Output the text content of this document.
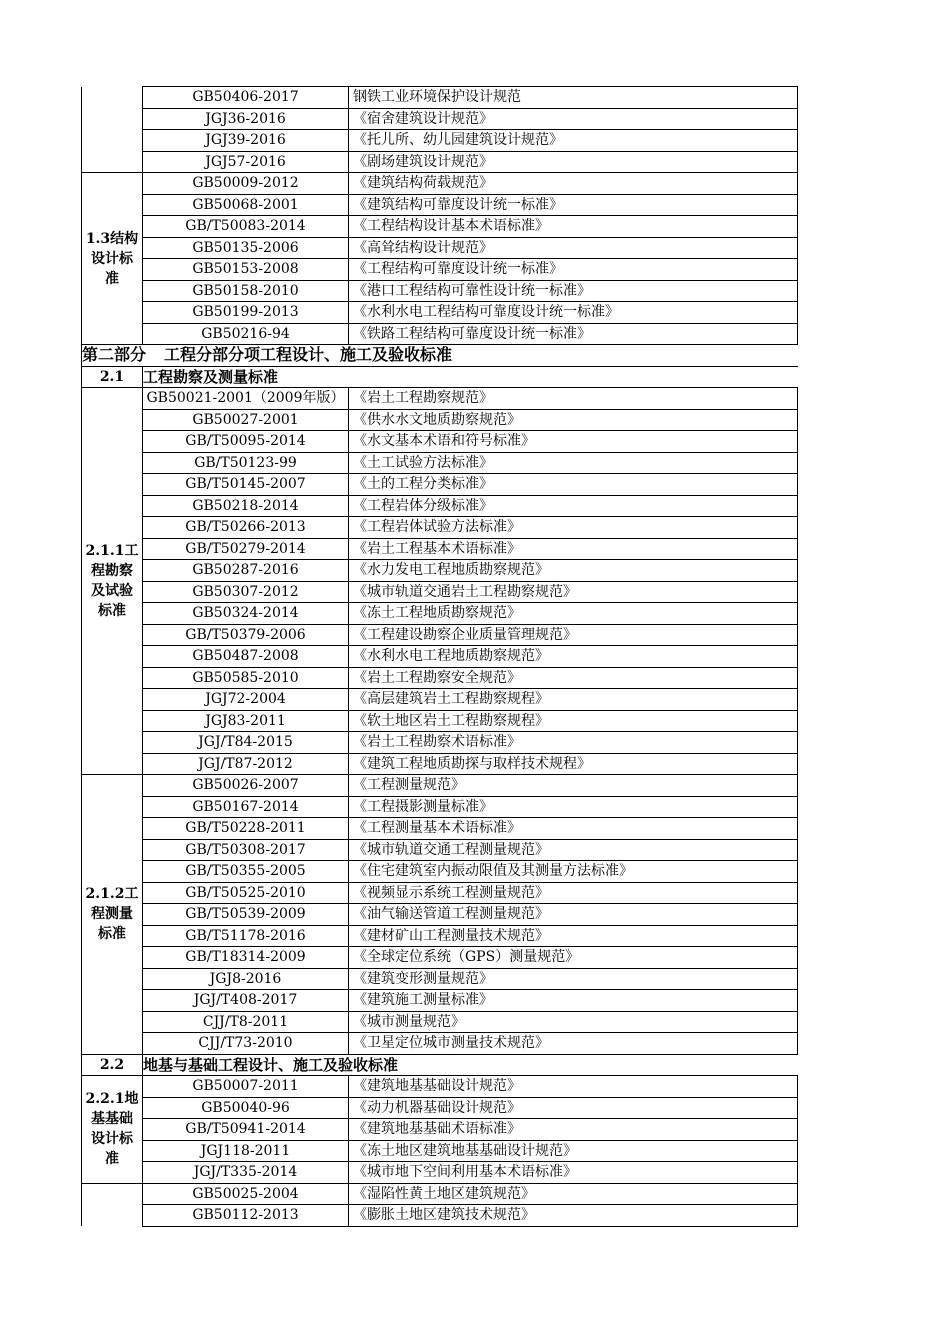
	GB50406-2017	钢铁工业环境保护设计规范
	JGJ36-2016	《宿舍建筑设计规范》
	JGJ39-2016	《托儿所、幼儿园建筑设计规范》
	JGJ57-2016	《剧场建筑设计规范》
1.3结构设计标准	GB50009-2012	《建筑结构荷载规范》
	GB50068-2001	《建筑结构可靠度设计统一标准》
	GB/T50083-2014	《工程结构设计基本术语标准》
	GB50135-2006	《高耸结构设计规范》
	GB50153-2008	《工程结构可靠度设计统一标准》
	GB50158-2010	《港口工程结构可靠性设计统一标准》
	GB50199-2013	《水利水电工程结构可靠度设计统一标准》
	GB50216-94	《铁路工程结构可靠度设计统一标准》
第二部分 工程分部分项工程设计、施工及验收标准		
2.1	工程勘察及测量标准	
2.1.1工程勘察及试验标准	GB50021-2001（2009年版）	《岩土工程勘察规范》
	GB50027-2001	《供水水文地质勘察规范》
	GB/T50095-2014	《水文基本术语和符号标准》
	GB/T50123-99	《土工试验方法标准》
	GB/T50145-2007	《土的工程分类标准》
	GB50218-2014	《工程岩体分级标准》
	GB/T50266-2013	《工程岩体试验方法标准》
	GB/T50279-2014	《岩土工程基本术语标准》
	GB50287-2016	《水力发电工程地质勘察规范》
	GB50307-2012	《城市轨道交通岩土工程勘察规范》
	GB50324-2014	《冻土工程地质勘察规范》
	GB/T50379-2006	《工程建设勘察企业质量管理规范》
	GB50487-2008	《水利水电工程地质勘察规范》
	GB50585-2010	《岩土工程勘察安全规范》
	JGJ72-2004	《高层建筑岩土工程勘察规程》
	JGJ83-2011	《软土地区岩土工程勘察规程》
	JGJ/T84-2015	《岩土工程勘察术语标准》
	JGJ/T87-2012	《建筑工程地质勘探与取样技术规程》
2.1.2工程测量标准	GB50026-2007	《工程测量规范》
	GB50167-2014	《工程摄影测量标准》
	GB/T50228-2011	《工程测量基本术语标准》
	GB/T50308-2017	《城市轨道交通工程测量规范》
	GB/T50355-2005	《住宅建筑室内振动限值及其测量方法标准》
	GB/T50525-2010	《视频显示系统工程测量规范》
	GB/T50539-2009	《油气输送管道工程测量规范》
	GB/T51178-2016	《建材矿山工程测量技术规范》
	GB/T18314-2009	《全球定位系统（GPS）测量规范》
	JGJ8-2016	《建筑变形测量规范》
	JGJ/T408-2017	《建筑施工测量标准》
	CJJ/T8-2011	《城市测量规范》
	CJJ/T73-2010	《卫星定位城市测量技术规范》
2.2	地基与基础工程设计、施工及验收标准	
2.2.1地基基础设计标准	GB50007-2011	《建筑地基基础设计规范》
	GB50040-96	《动力机器基础设计规范》
	GB/T50941-2014	《建筑地基基础术语标准》
	JGJ118-2011	《冻土地区建筑地基基础设计规范》
	JGJ/T335-2014	《城市地下空间利用基本术语标准》
	GB50025-2004	《湿陷性黄土地区建筑规范》
	GB50112-2013	《膨胀土地区建筑技术规范》
